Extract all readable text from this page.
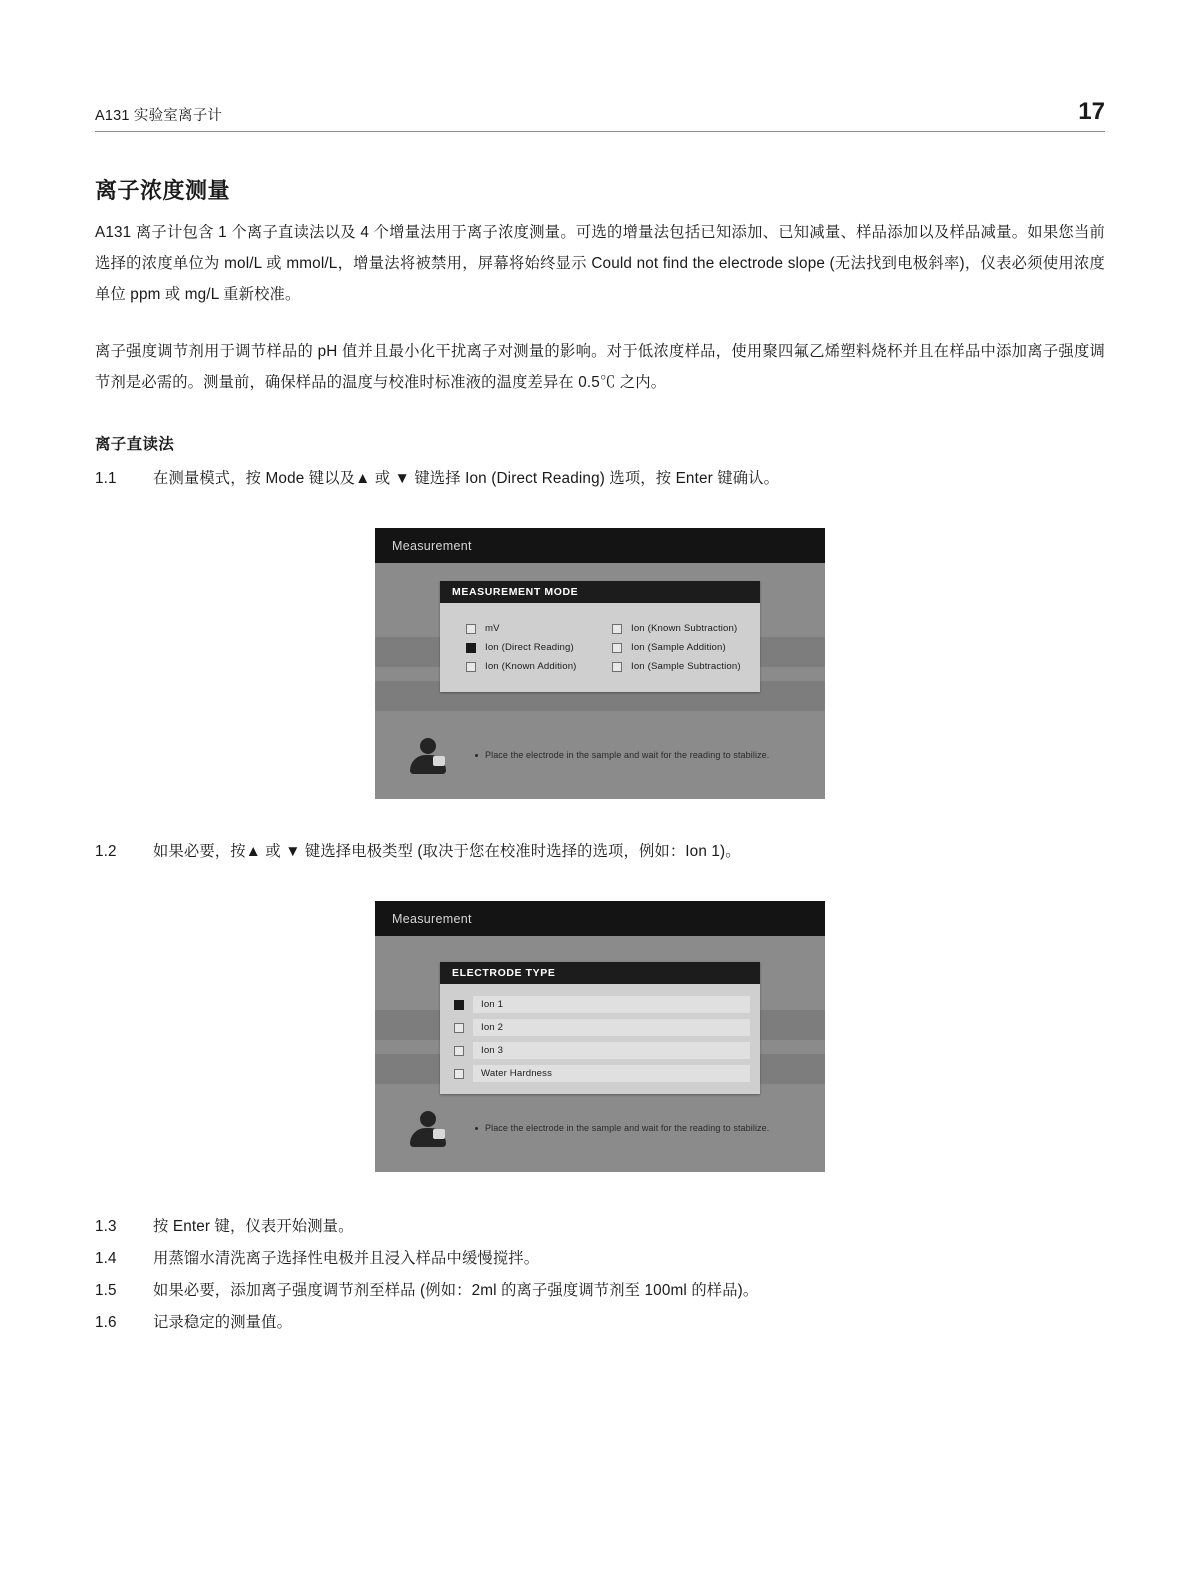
A131 实验室离子计	17
离子浓度测量

A131 离子计包含 1 个离子直读法以及 4 个增量法用于离子浓度测量。可选的增量法包括已知添加、已知减量、样品添加以及样品减量。如果您当前选择的浓度单位为 mol/L 或 mmol/L，增量法将被禁用，屏幕将始终显示 Could not find the electrode slope (无法找到电极斜率)，仪表必须使用浓度单位 ppm 或 mg/L 重新校准。

离子强度调节剂用于调节样品的 pH 值并且最小化干扰离子对测量的影响。对于低浓度样品，使用聚四氟乙烯塑料烧杯并且在样品中添加离子强度调节剂是必需的。测量前，确保样品的温度与校准时标准液的温度差异在 0.5℃ 之内。

离子直读法
1.1	在测量模式，按 Mode 键以及▲ 或 ▼ 键选择 Ion (Direct Reading) 选项，按 Enter 键确认。
Measurement
MEASUREMENT MODE
mV	Ion (Known Subtraction)
Ion (Direct Reading)	Ion (Sample Addition)
Ion (Known Addition)	Ion (Sample Subtraction)
Place the electrode in the sample and wait for the reading to stabilize.
1.2	如果必要，按▲ 或 ▼ 键选择电极类型 (取决于您在校准时选择的选项，例如：Ion 1)。
Measurement
ELECTRODE TYPE
Ion 1
Ion 2
Ion 3
Water Hardness
Place the electrode in the sample and wait for the reading to stabilize.
1.3	按 Enter 键，仪表开始测量。
1.4	用蒸馏水清洗离子选择性电极并且浸入样品中缓慢搅拌。
1.5	如果必要，添加离子强度调节剂至样品 (例如：2ml 的离子强度调节剂至 100ml 的样品)。
1.6	记录稳定的测量值。
